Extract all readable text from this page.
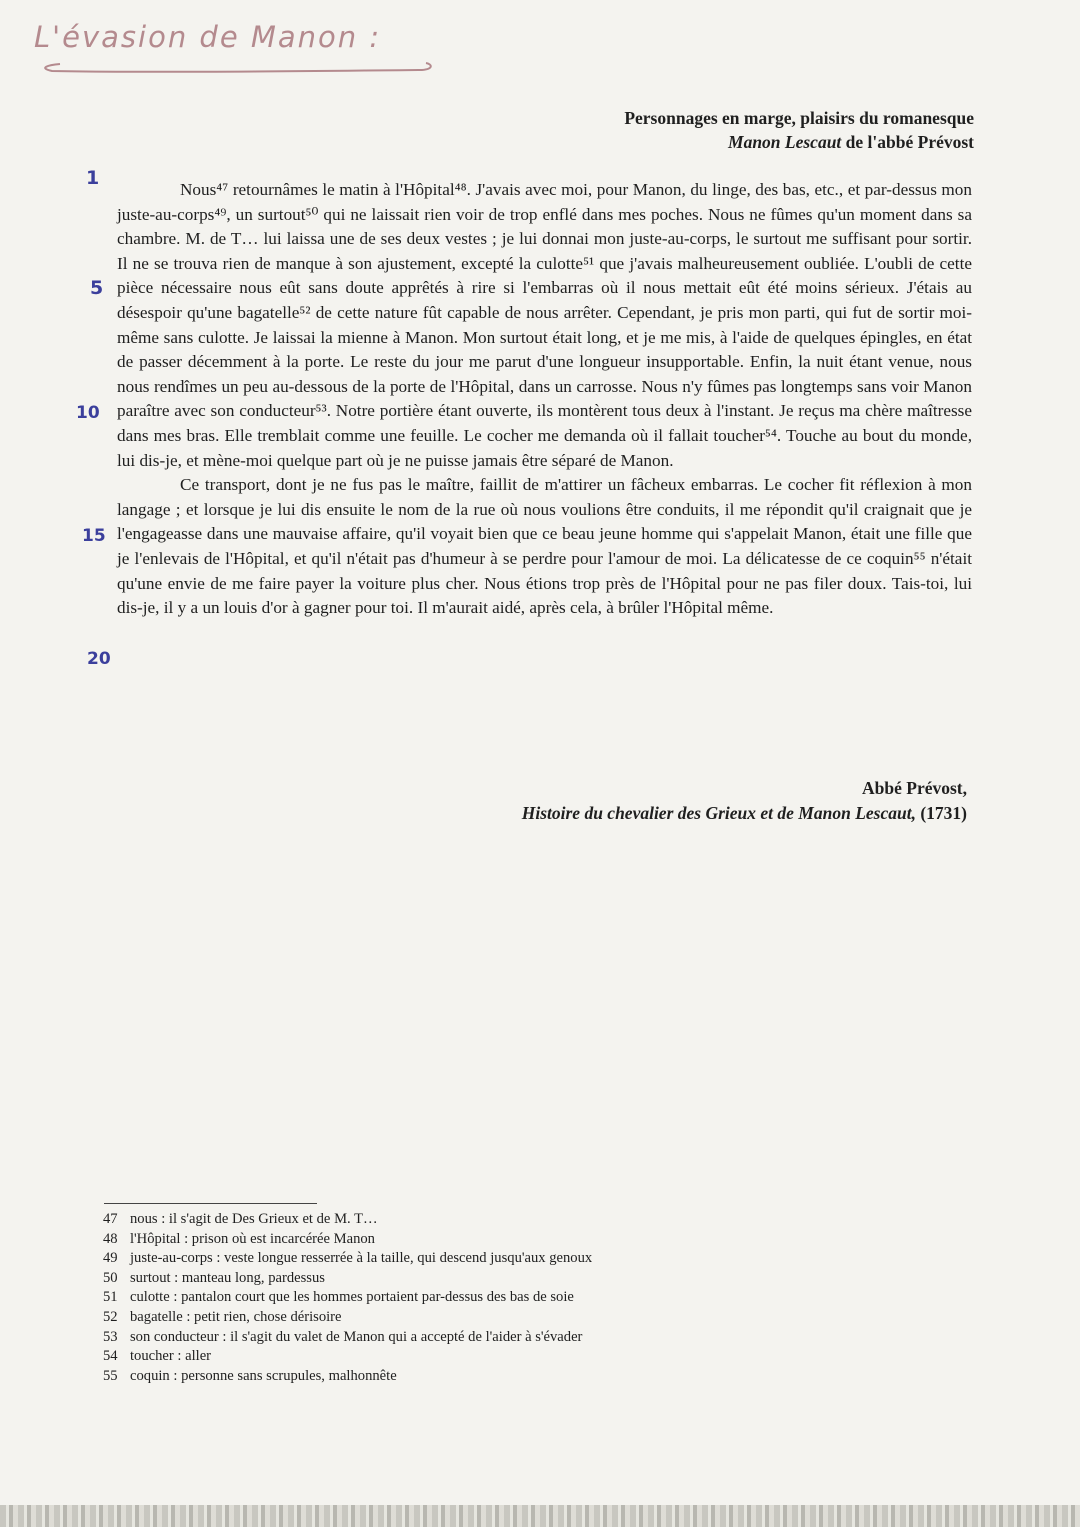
L'évasion de Manon :
Personnages en marge, plaisirs du romanesque
Manon Lescaut de l'abbé Prévost
1
5
10
15
20

Nous⁴⁷ retournâmes le matin à l'Hôpital⁴⁸. J'avais avec moi, pour Manon, du linge, des bas, etc., et par-dessus mon juste-au-corps⁴⁹, un surtout⁵⁰ qui ne laissait rien voir de trop enflé dans mes poches. Nous ne fûmes qu'un moment dans sa chambre. M. de T… lui laissa une de ses deux vestes ; je lui donnai mon juste-au-corps, le surtout me suffisant pour sortir. Il ne se trouva rien de manque à son ajustement, excepté la culotte⁵¹ que j'avais malheureusement oubliée. L'oubli de cette pièce nécessaire nous eût sans doute apprêtés à rire si l'embarras où il nous mettait eût été moins sérieux. J'étais au désespoir qu'une bagatelle⁵² de cette nature fût capable de nous arrêter. Cependant, je pris mon parti, qui fut de sortir moi-même sans culotte. Je laissai la mienne à Manon. Mon surtout était long, et je me mis, à l'aide de quelques épingles, en état de passer décemment à la porte. Le reste du jour me parut d'une longueur insupportable. Enfin, la nuit étant venue, nous nous rendîmes un peu au-dessous de la porte de l'Hôpital, dans un carrosse. Nous n'y fûmes pas longtemps sans voir Manon paraître avec son conducteur⁵³. Notre portière étant ouverte, ils montèrent tous deux à l'instant. Je reçus ma chère maîtresse dans mes bras. Elle tremblait comme une feuille. Le cocher me demanda où il fallait toucher⁵⁴. Touche au bout du monde, lui dis-je, et mène-moi quelque part où je ne puisse jamais être séparé de Manon.

Ce transport, dont je ne fus pas le maître, faillit de m'attirer un fâcheux embarras. Le cocher fit réflexion à mon langage ; et lorsque je lui dis ensuite le nom de la rue où nous voulions être conduits, il me répondit qu'il craignait que je l'engageasse dans une mauvaise affaire, qu'il voyait bien que ce beau jeune homme qui s'appelait Manon, était une fille que je l'enlevais de l'Hôpital, et qu'il n'était pas d'humeur à se perdre pour l'amour de moi. La délicatesse de ce coquin⁵⁵ n'était qu'une envie de me faire payer la voiture plus cher. Nous étions trop près de l'Hôpital pour ne pas filer doux. Tais-toi, lui dis-je, il y a un louis d'or à gagner pour toi. Il m'aurait aidé, après cela, à brûler l'Hôpital même.

Abbé Prévost,
Histoire du chevalier des Grieux et de Manon Lescaut, (1731)
47 nous : il s'agit de Des Grieux et de M. T…
48 l'Hôpital : prison où est incarcérée Manon
49 juste-au-corps : veste longue resserrée à la taille, qui descend jusqu'aux genoux
50 surtout : manteau long, pardessus
51 culotte : pantalon court que les hommes portaient par-dessus des bas de soie
52 bagatelle : petit rien, chose dérisoire
53 son conducteur : il s'agit du valet de Manon qui a accepté de l'aider à s'évader
54 toucher : aller
55 coquin : personne sans scrupules, malhonnête
